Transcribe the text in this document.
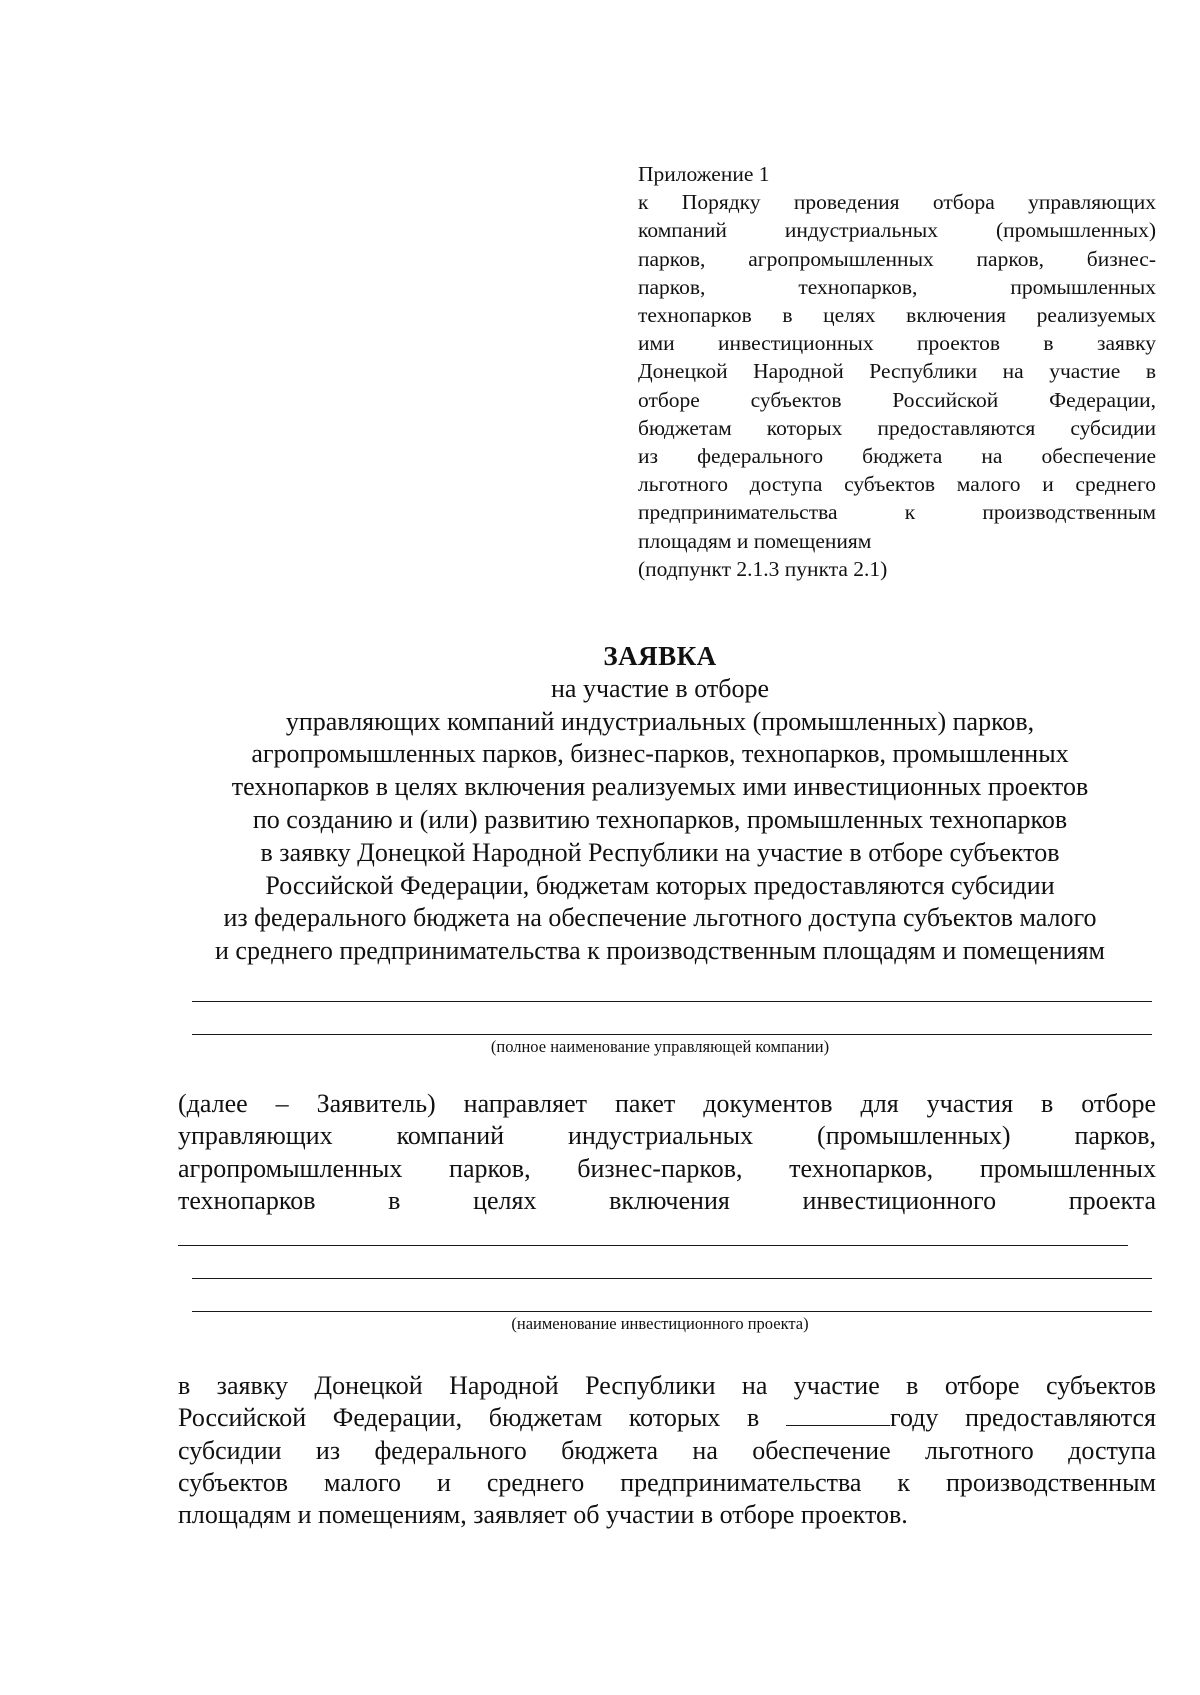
Приложение 1
к Порядку проведения отбора управляющих
компаний индустриальных (промышленных)
парков, агропромышленных парков, бизнес-
парков, технопарков, промышленных
технопарков в целях включения реализуемых
ими инвестиционных проектов в заявку
Донецкой Народной Республики на участие в
отборе субъектов Российской Федерации,
бюджетам которых предоставляются субсидии
из федерального бюджета на обеспечение
льготного доступа субъектов малого и среднего
предпринимательства к производственным
площадям и помещениям
(подпункт 2.1.3 пункта 2.1)
ЗАЯВКА
на участие в отборе
управляющих компаний индустриальных (промышленных) парков,
агропромышленных парков, бизнес-парков, технопарков, промышленных
технопарков в целях включения реализуемых ими инвестиционных проектов
по созданию и (или) развитию технопарков, промышленных технопарков
в заявку Донецкой Народной Республики на участие в отборе субъектов
Российской Федерации, бюджетам которых предоставляются субсидии
из федерального бюджета на обеспечение льготного доступа субъектов малого
и среднего предпринимательства к производственным площадям и помещениям
(полное наименование управляющей компании)
(далее – Заявитель) направляет пакет документов для участия в отборе
управляющих компаний индустриальных (промышленных) парков,
агропромышленных парков, бизнес-парков, технопарков, промышленных
технопарков в целях включения инвестиционного проекта
(наименование инвестиционного проекта)
в заявку Донецкой Народной Республики на участие в отборе субъектов
Российской Федерации, бюджетам которых в	году предоставляются
субсидии из федерального бюджета на обеспечение льготного доступа
субъектов малого и среднего предпринимательства к производственным
площадям и помещениям, заявляет об участии в отборе проектов.
